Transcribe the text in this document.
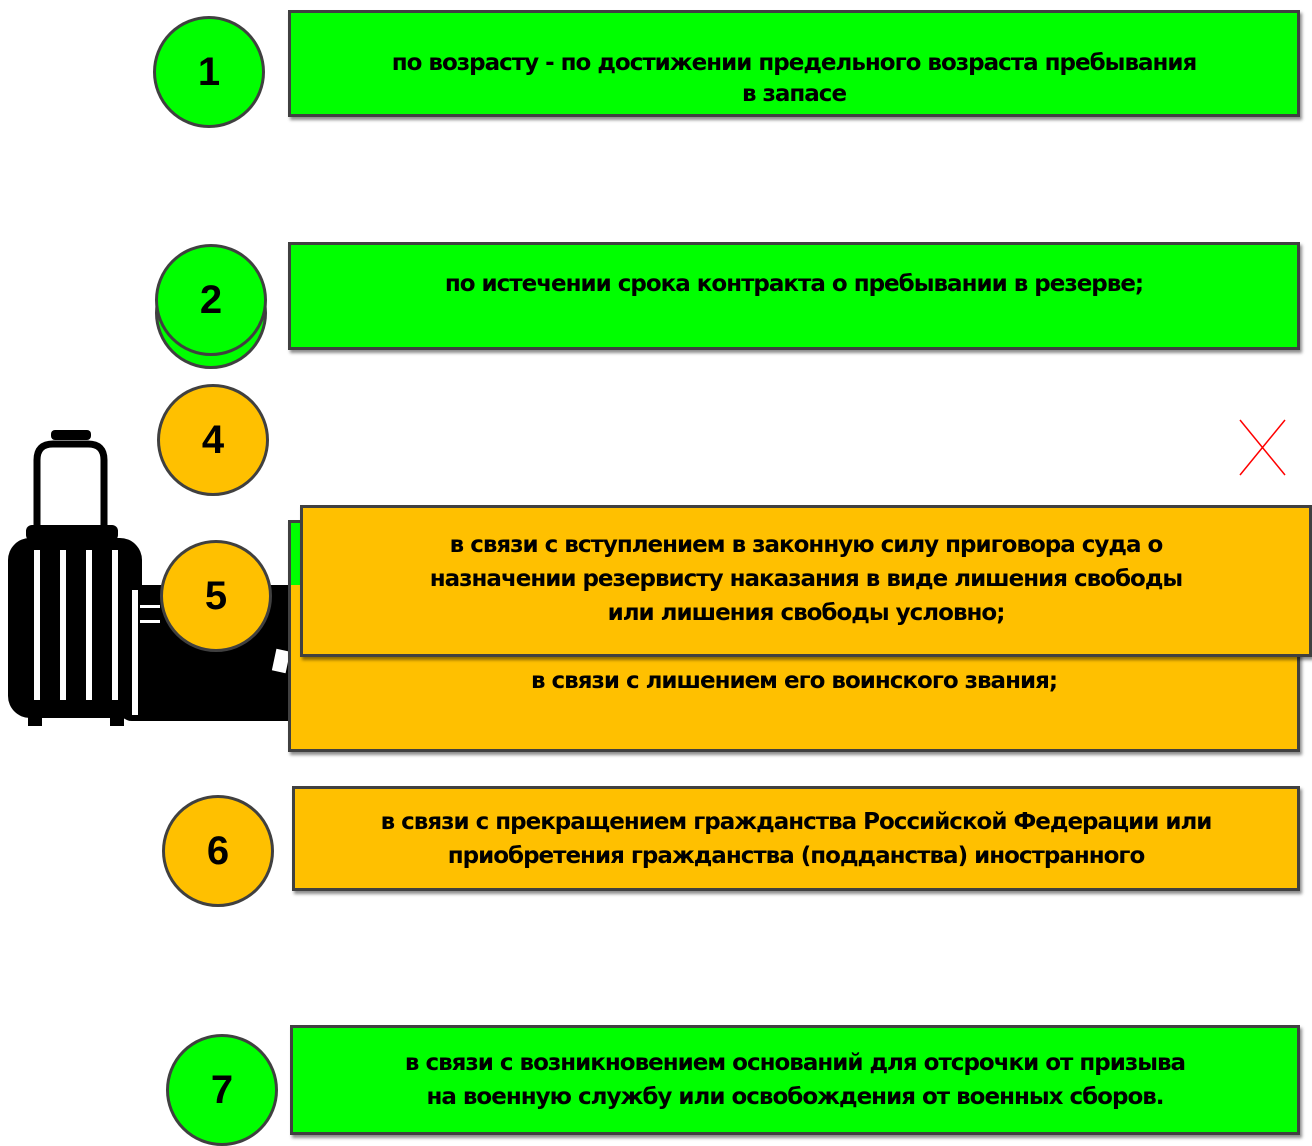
по возрасту - по достижении предельного возраста пребывания
в запасе
1
по истечении срока контракта о пребывании в резерве;
2
в связи с лишением его воинского звания;
4
в связи с вступлением в законную силу приговора суда о
назначении резервисту наказания в виде лишения свободы
или лишения свободы условно;
5
в связи с прекращением гражданства Российской Федерации или
приобретения гражданства (подданства) иностранного
6
в связи с возникновением оснований для отсрочки от призыва
на военную службу или освобождения от военных сборов.
7
